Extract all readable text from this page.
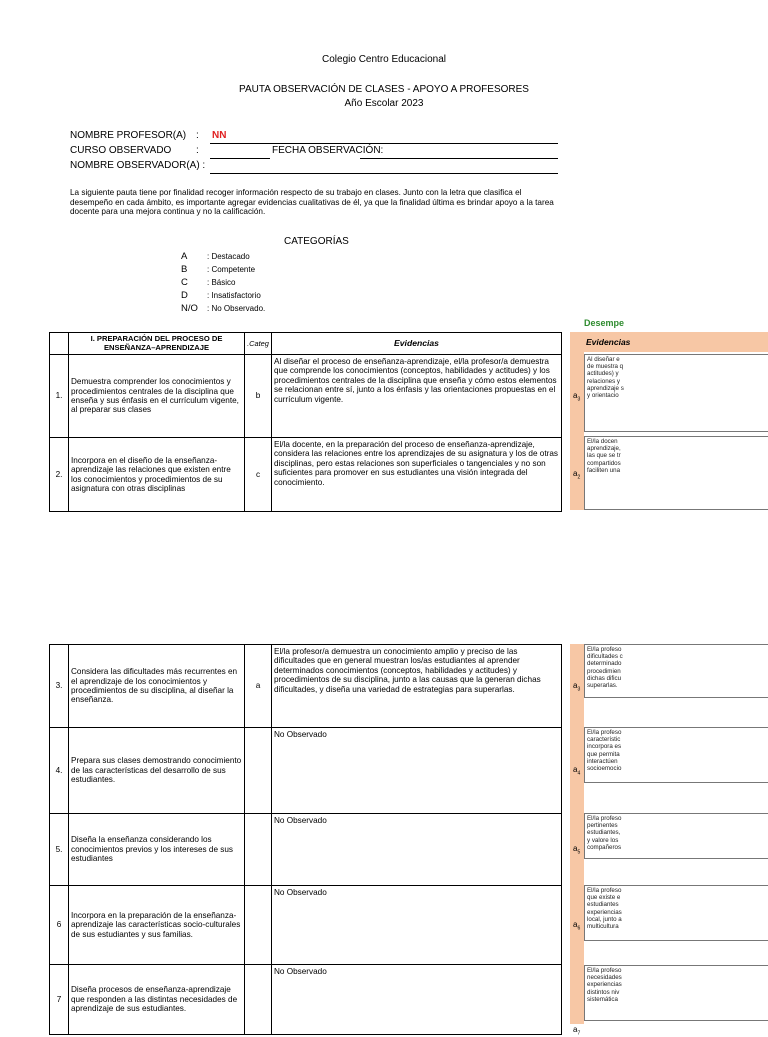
Colegio Centro Educacional
PAUTA OBSERVACIÓN DE CLASES - APOYO A PROFESORES
Año Escolar 2023
NOMBRE PROFESOR(A) : NN
CURSO OBSERVADO :	FECHA OBSERVACIÓN:
NOMBRE OBSERVADOR(A) :
La siguiente pauta tiene por finalidad recoger información respecto de su trabajo en clases. Junto con la letra que clasifica el desempeño en cada ámbito, es importante agregar evidencias cualitativas de él, ya que la finalidad última es brindar apoyo a la tarea docente para una mejora continua y no la calificación.
CATEGORÍAS
A : Destacado
B : Competente
C : Básico
D : Insatisfactorio
N/O : No Observado.
Desempe
Evidencias
	I. PREPARACIÓN DEL PROCESO DE ENSEÑANZA–APRENDIZAJE	.Categ	Evidencias
1.	Demuestra comprender los conocimientos y procedimientos centrales de la disciplina que enseña y sus énfasis en el currículum vigente, al preparar sus clases	b	Al diseñar el proceso de enseñanza-aprendizaje, el/la profesor/a demuestra que comprende los conocimientos (conceptos, habilidades y actitudes) y los procedimientos centrales de la disciplina que enseña y cómo estos elementos se relacionan entre sí, junto a los énfasis y las orientaciones propuestas en el currículum vigente.
2.	Incorpora en el diseño de la enseñanza-aprendizaje las relaciones que existen entre los conocimientos y procedimientos de su asignatura con otras disciplinas	c	El/la docente, en la preparación del proceso de enseñanza-aprendizaje, considera las relaciones entre los aprendizajes de su asignatura y los de otras disciplinas, pero estas relaciones son superficiales o tangenciales y no son suficientes para promover en sus estudiantes una visión integrada del conocimiento.
Al diseñar e
de muestra q
actitudes) y
relaciones y
aprendizaje s
y orientacio
$a_3$
El/la docen
aprendizaje,
las que se tr
compartidos
faciliten una
$a_2$
3.	Considera las dificultades más recurrentes en el aprendizaje de los conocimientos y procedimientos de su disciplina, al diseñar la enseñanza.	a	El/la profesor/a demuestra un conocimiento amplio y preciso de las dificultades que en general muestran los/as estudiantes al aprender determinados conocimientos (conceptos, habilidades y actitudes) y procedimientos de su disciplina, junto a las causas que la generan dichas dificultades, y diseña una variedad de estrategias para superarlas.
4.	Prepara sus clases demostrando conocimiento de las características del desarrollo de sus estudiantes.		No Observado
5.	Diseña la enseñanza considerando los conocimientos previos y los intereses de sus estudiantes		No Observado
6	Incorpora en la preparación de la enseñanza-aprendizaje las características socio-culturales de sus estudiantes y sus familias.		No Observado
7	Diseña procesos de enseñanza-aprendizaje que responden a las distintas necesidades de aprendizaje de sus estudiantes.		No Observado
El/la profeso
dificultades c
determinado
procedimien
dichas dificu
superarlas.
$a_3$
El/la profeso
característic
incorpora es
que permita
interactúen
socioemocio
$a_4$
El/la profeso
pertinentes
estudiantes,
y valore los
compañeros
$a_5$
El/la profeso
que existe e
estudiantes
experiencias
local, junto a
multicultura
$a_6$
El/la profeso
necesidades
experiencias
distintos niv
sistemática
$a_7$
